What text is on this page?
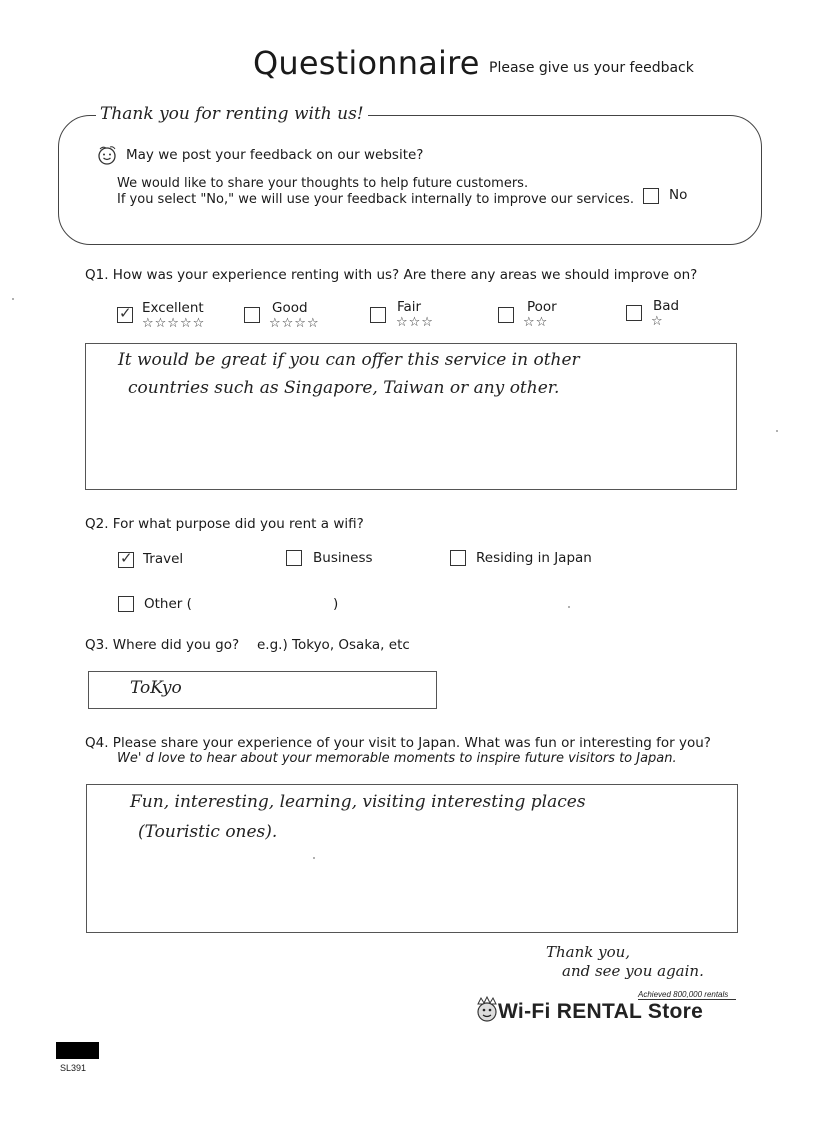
Questionnaire Please give us your feedback
Thank you for renting with us!
May we post your feedback on our website?
We would like to share your thoughts to help future customers.
If you select "No," we will use your feedback internally to improve our services.	No
Q1. How was your experience renting with us? Are there any areas we should improve on?
✓ Excellent
☆☆☆☆☆
Good
☆☆☆☆
Fair
☆☆☆
Poor
☆☆
Bad
☆
It would be great if you can offer this service in other
countries such as Singapore, Taiwan or any other.
Q2. For what purpose did you rent a wifi?
✓ Travel	Business	Residing in Japan
Other (	)
Q3. Where did you go? e.g.) Tokyo, Osaka, etc
ToKyo
Q4. Please share your experience of your visit to Japan. What was fun or interesting for you?
We' d love to hear about your memorable moments to inspire future visitors to Japan.
Fun, interesting, learning, visiting interesting places
(Touristic ones).
Thank you,
and see you again.
Achieved 800,000 rentals
Wi-Fi RENTAL Store
SL391
